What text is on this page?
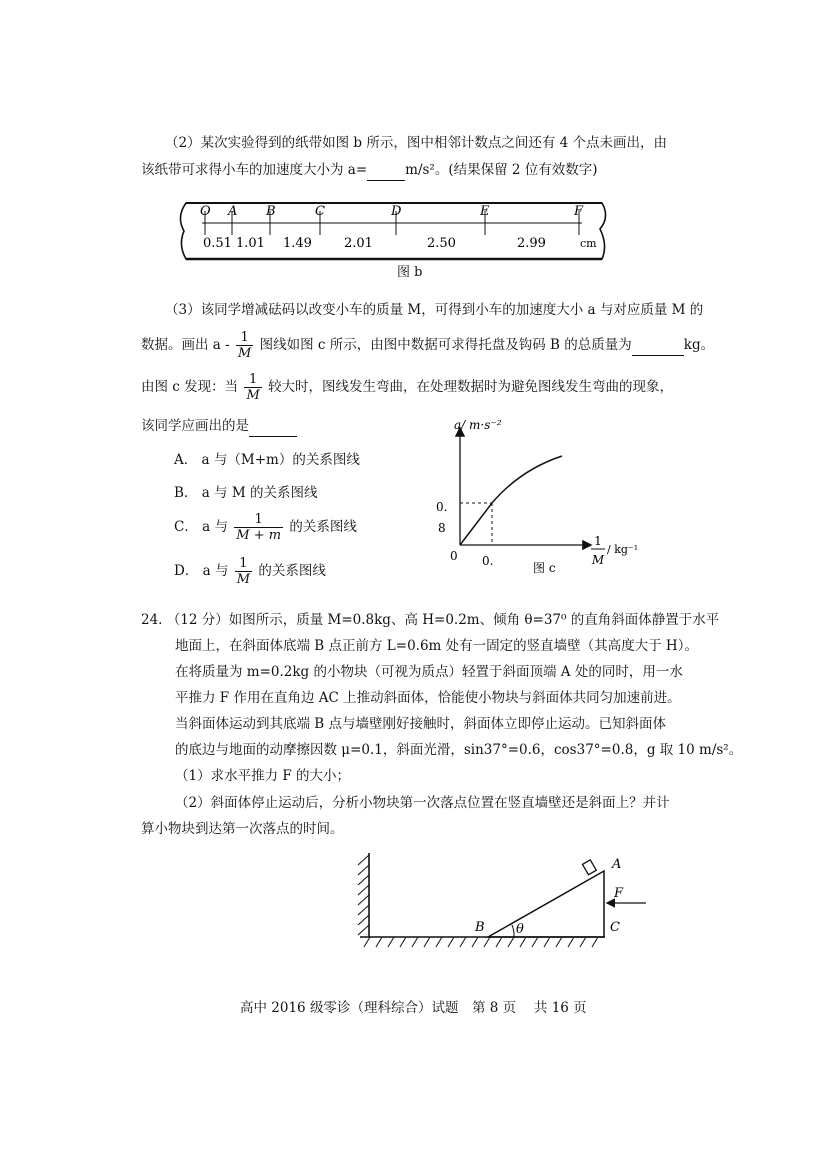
（2）某次实验得到的纸带如图 b 所示，图中相邻计数点之间还有 4 个点未画出，由
该纸带可求得小车的加速度大小为 a=	m/s²。(结果保留 2 位有效数字)
O A B	C	D	E	F
0.51 1.01 1.49 2.01	2.50	2.99	cm
图 b
（3）该同学增减砝码以改变小车的质量 M，可得到小车的加速度大小 a 与对应质量 M 的
数据。画出 a - $\frac{1}{M}$ 图线如图 c 所示，由图中数据可求得托盘及钩码 B 的总质量为	kg。
由图 c 发现：当 $\frac{1}{M}$ 较大时，图线发生弯曲，在处理数据时为避免图线发生弯曲的现象，
该同学应画出的是
A． a 与（M+m）的关系图线
B． a 与 M 的关系图线
C． a 与 $\frac{1}{M + m}$ 的关系图线
D． a 与 $\frac{1}{M}$ 的关系图线
a/ m·s⁻²
0.
8
0 0.	图 c
1
M
/ kg⁻¹
24. （12 分）如图所示，质量 M=0.8kg、高 H=0.2m、倾角 θ=37⁰ 的直角斜面体静置于水平
地面上，在斜面体底端 B 点正前方 L=0.6m 处有一固定的竖直墙壁（其高度大于 H）。
在将质量为 m=0.2kg 的小物块（可视为质点）轻置于斜面顶端 A 处的同时，用一水
平推力 F 作用在直角边 AC 上推动斜面体，恰能使小物块与斜面体共同匀加速前进。
当斜面体运动到其底端 B 点与墙壁刚好接触时，斜面体立即停止运动。已知斜面体
的底边与地面的动摩擦因数 μ=0.1，斜面光滑，sin37°=0.6，cos37°=0.8，g 取 10 m/s²。
（1）求水平推力 F 的大小；
（2）斜面体停止运动后，分析小物块第一次落点位置在竖直墙壁还是斜面上？并计
算小物块到达第一次落点的时间。
A
B	C
F
θ
高中 2016 级零诊（理科综合）试题　第 8 页　 共 16 页
